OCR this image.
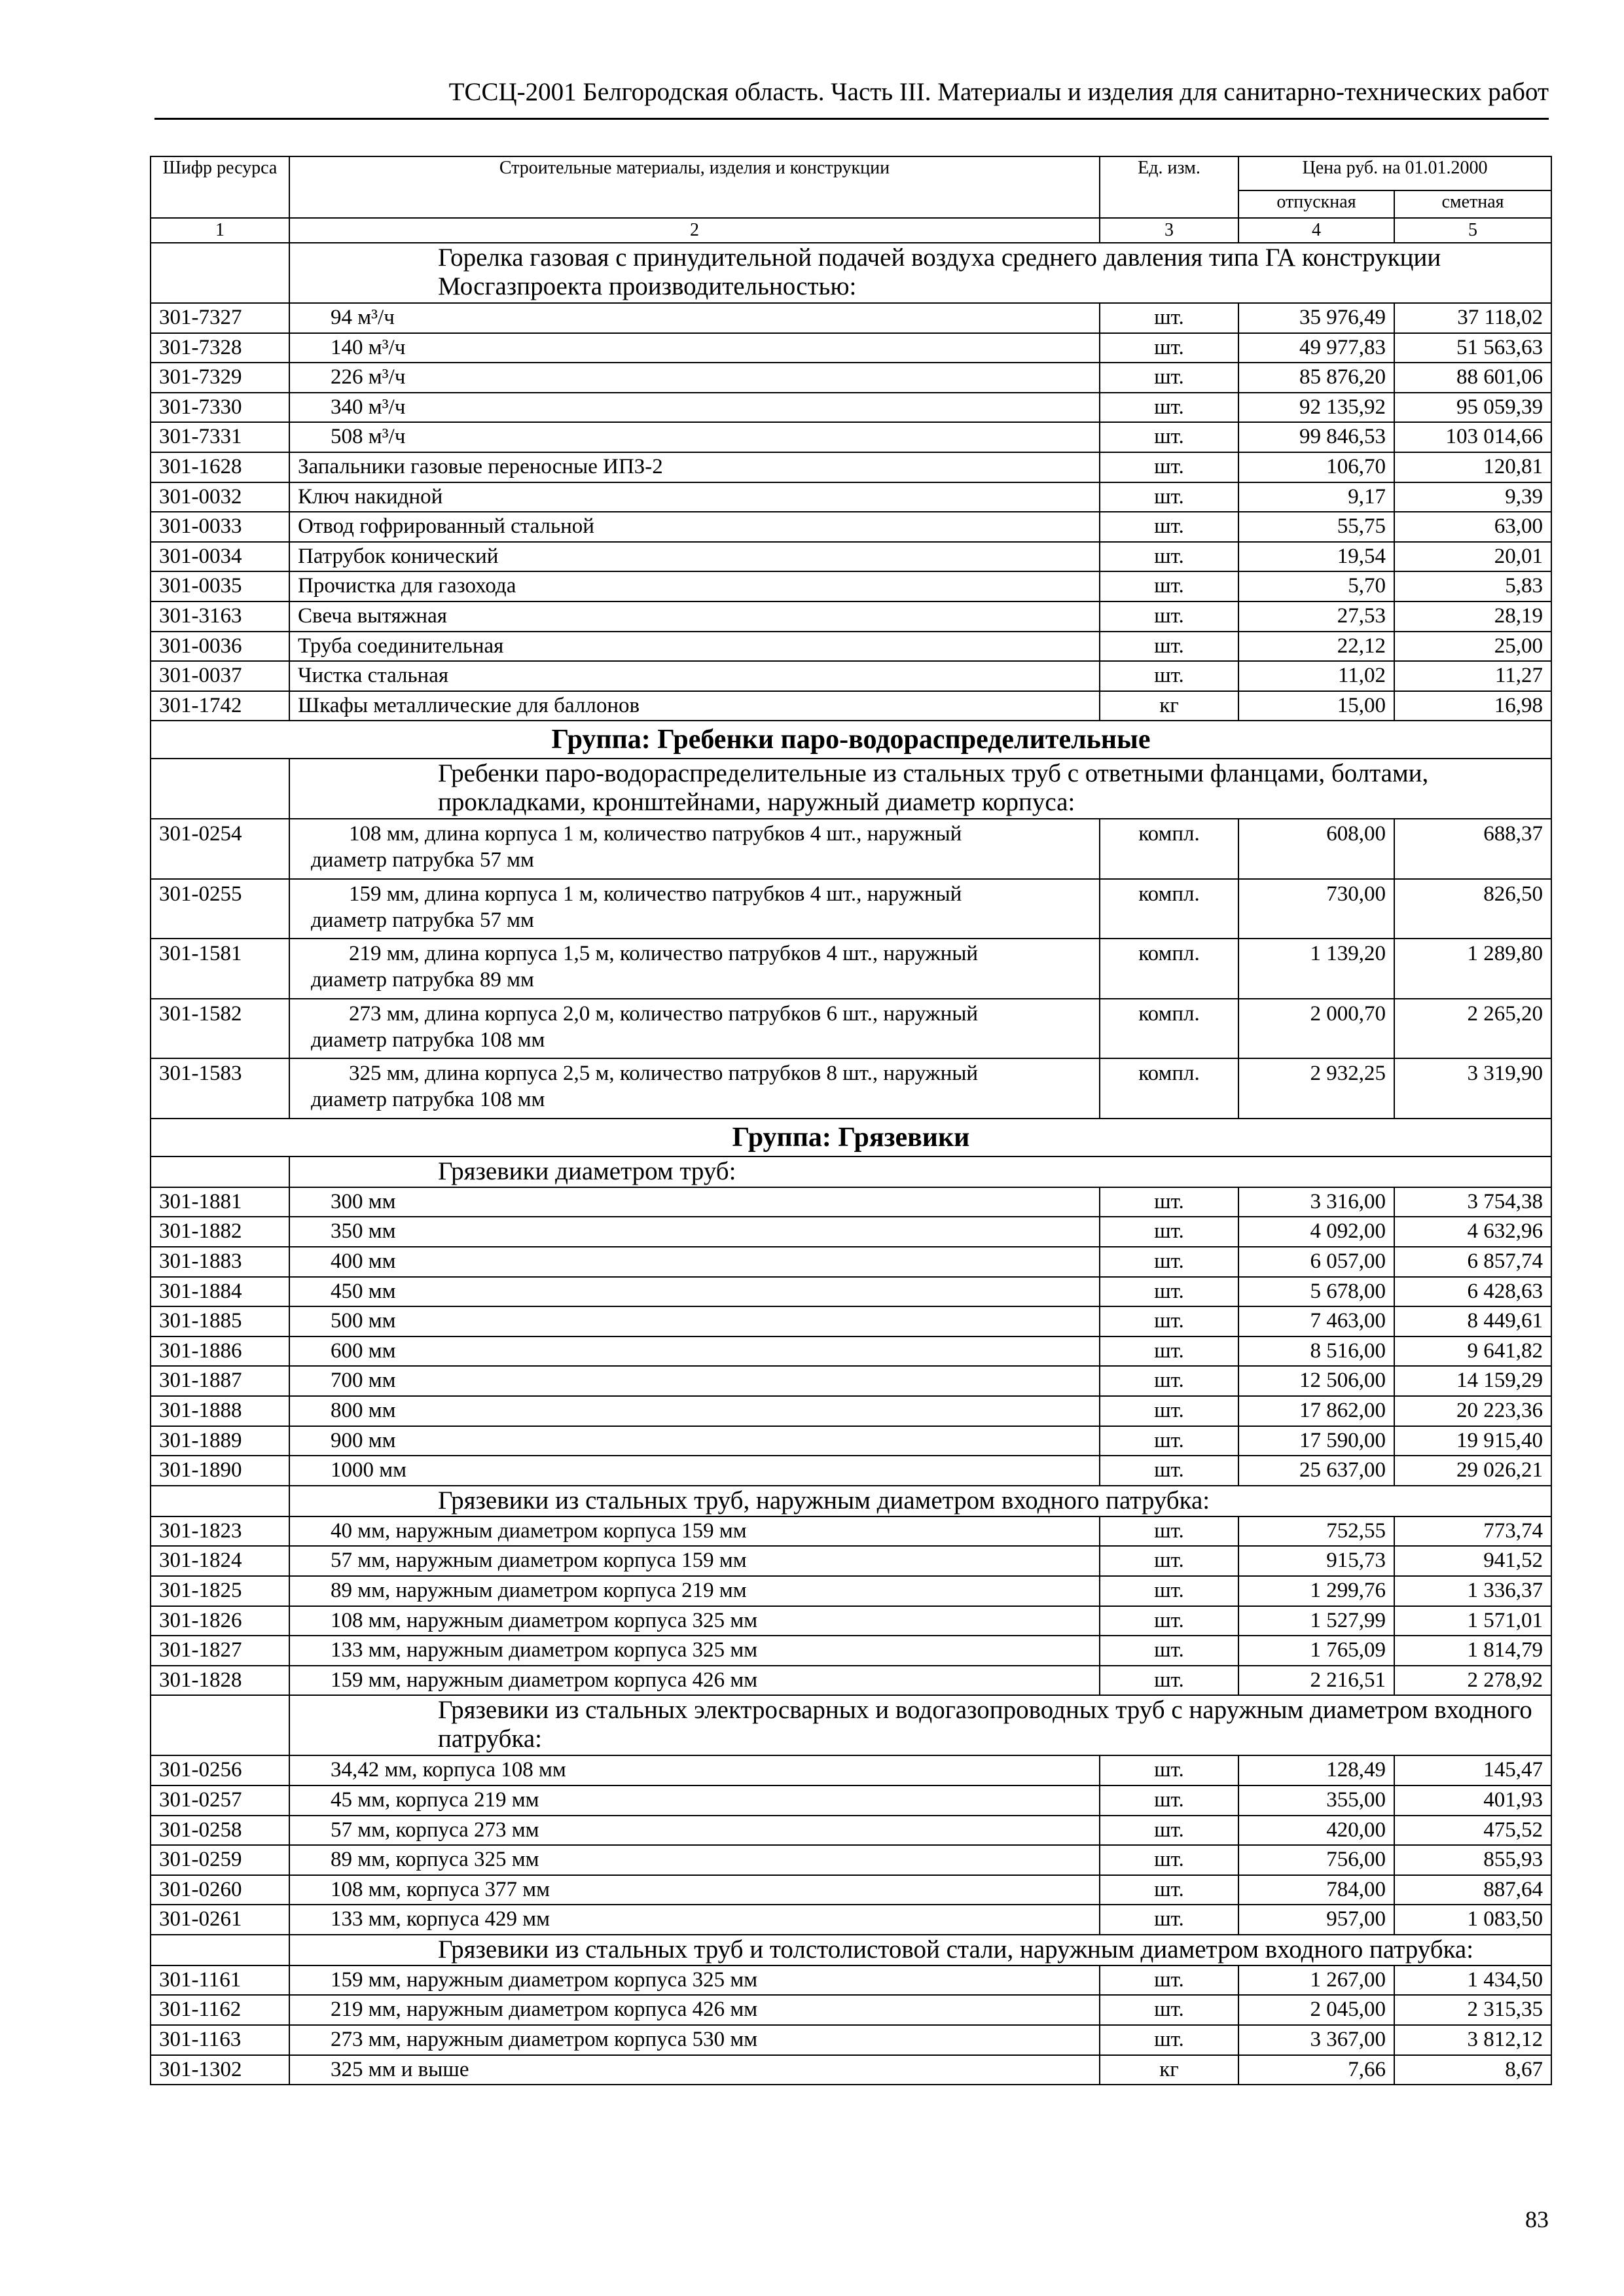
ТССЦ-2001 Белгородская область. Часть III. Материалы и изделия для санитарно-технических работ
Шифр ресурса	Строительные материалы, изделия и конструкции	Ед. изм.	Цена руб. на 01.01.2000	
			отпускная	сметная
1	2	3	4	5
	Горелка газовая с принудительной подачей воздуха среднего давления типа ГА конструкции Мосгазпроекта производительностью:			
301-7327	94 м³/ч	шт.	35 976,49	37 118,02
301-7328	140 м³/ч	шт.	49 977,83	51 563,63
301-7329	226 м³/ч	шт.	85 876,20	88 601,06
301-7330	340 м³/ч	шт.	92 135,92	95 059,39
301-7331	508 м³/ч	шт.	99 846,53	103 014,66
301-1628	Запальники газовые переносные ИПЗ-2	шт.	106,70	120,81
301-0032	Ключ накидной	шт.	9,17	9,39
301-0033	Отвод гофрированный стальной	шт.	55,75	63,00
301-0034	Патрубок конический	шт.	19,54	20,01
301-0035	Прочистка для газохода	шт.	5,70	5,83
301-3163	Свеча вытяжная	шт.	27,53	28,19
301-0036	Труба соединительная	шт.	22,12	25,00
301-0037	Чистка стальная	шт.	11,02	11,27
301-1742	Шкафы металлические для баллонов	кг	15,00	16,98
Группа: Гребенки паро-водораспределительные				
	Гребенки паро-водораспределительные из стальных труб с ответными фланцами, болтами, прокладками, кронштейнами, наружный диаметр корпуса:			
301-0254	108 мм, длина корпуса 1 м, количество патрубков 4 шт., наружный
диаметр патрубка 57 мм	компл.	608,00	688,37
301-0255	159 мм, длина корпуса 1 м, количество патрубков 4 шт., наружный
диаметр патрубка 57 мм	компл.	730,00	826,50
301-1581	219 мм, длина корпуса 1,5 м, количество патрубков 4 шт., наружный
диаметр патрубка 89 мм	компл.	1 139,20	1 289,80
301-1582	273 мм, длина корпуса 2,0 м, количество патрубков 6 шт., наружный
диаметр патрубка 108 мм	компл.	2 000,70	2 265,20
301-1583	325 мм, длина корпуса 2,5 м, количество патрубков 8 шт., наружный
диаметр патрубка 108 мм	компл.	2 932,25	3 319,90
Группа: Грязевики				
	Грязевики диаметром труб:			
301-1881	300 мм	шт.	3 316,00	3 754,38
301-1882	350 мм	шт.	4 092,00	4 632,96
301-1883	400 мм	шт.	6 057,00	6 857,74
301-1884	450 мм	шт.	5 678,00	6 428,63
301-1885	500 мм	шт.	7 463,00	8 449,61
301-1886	600 мм	шт.	8 516,00	9 641,82
301-1887	700 мм	шт.	12 506,00	14 159,29
301-1888	800 мм	шт.	17 862,00	20 223,36
301-1889	900 мм	шт.	17 590,00	19 915,40
301-1890	1000 мм	шт.	25 637,00	29 026,21
	Грязевики из стальных труб, наружным диаметром входного патрубка:			
301-1823	40 мм, наружным диаметром корпуса 159 мм	шт.	752,55	773,74
301-1824	57 мм, наружным диаметром корпуса 159 мм	шт.	915,73	941,52
301-1825	89 мм, наружным диаметром корпуса 219 мм	шт.	1 299,76	1 336,37
301-1826	108 мм, наружным диаметром корпуса 325 мм	шт.	1 527,99	1 571,01
301-1827	133 мм, наружным диаметром корпуса 325 мм	шт.	1 765,09	1 814,79
301-1828	159 мм, наружным диаметром корпуса 426 мм	шт.	2 216,51	2 278,92
	Грязевики из стальных электросварных и водогазопроводных труб с наружным диаметром входного патрубка:			
301-0256	34,42 мм, корпуса 108 мм	шт.	128,49	145,47
301-0257	45 мм, корпуса 219 мм	шт.	355,00	401,93
301-0258	57 мм, корпуса 273 мм	шт.	420,00	475,52
301-0259	89 мм, корпуса 325 мм	шт.	756,00	855,93
301-0260	108 мм, корпуса 377 мм	шт.	784,00	887,64
301-0261	133 мм, корпуса 429 мм	шт.	957,00	1 083,50
	Грязевики из стальных труб и толстолистовой стали, наружным диаметром входного патрубка:			
301-1161	159 мм, наружным диаметром корпуса 325 мм	шт.	1 267,00	1 434,50
301-1162	219 мм, наружным диаметром корпуса 426 мм	шт.	2 045,00	2 315,35
301-1163	273 мм, наружным диаметром корпуса 530 мм	шт.	3 367,00	3 812,12
301-1302	325 мм и выше	кг	7,66	8,67
83
